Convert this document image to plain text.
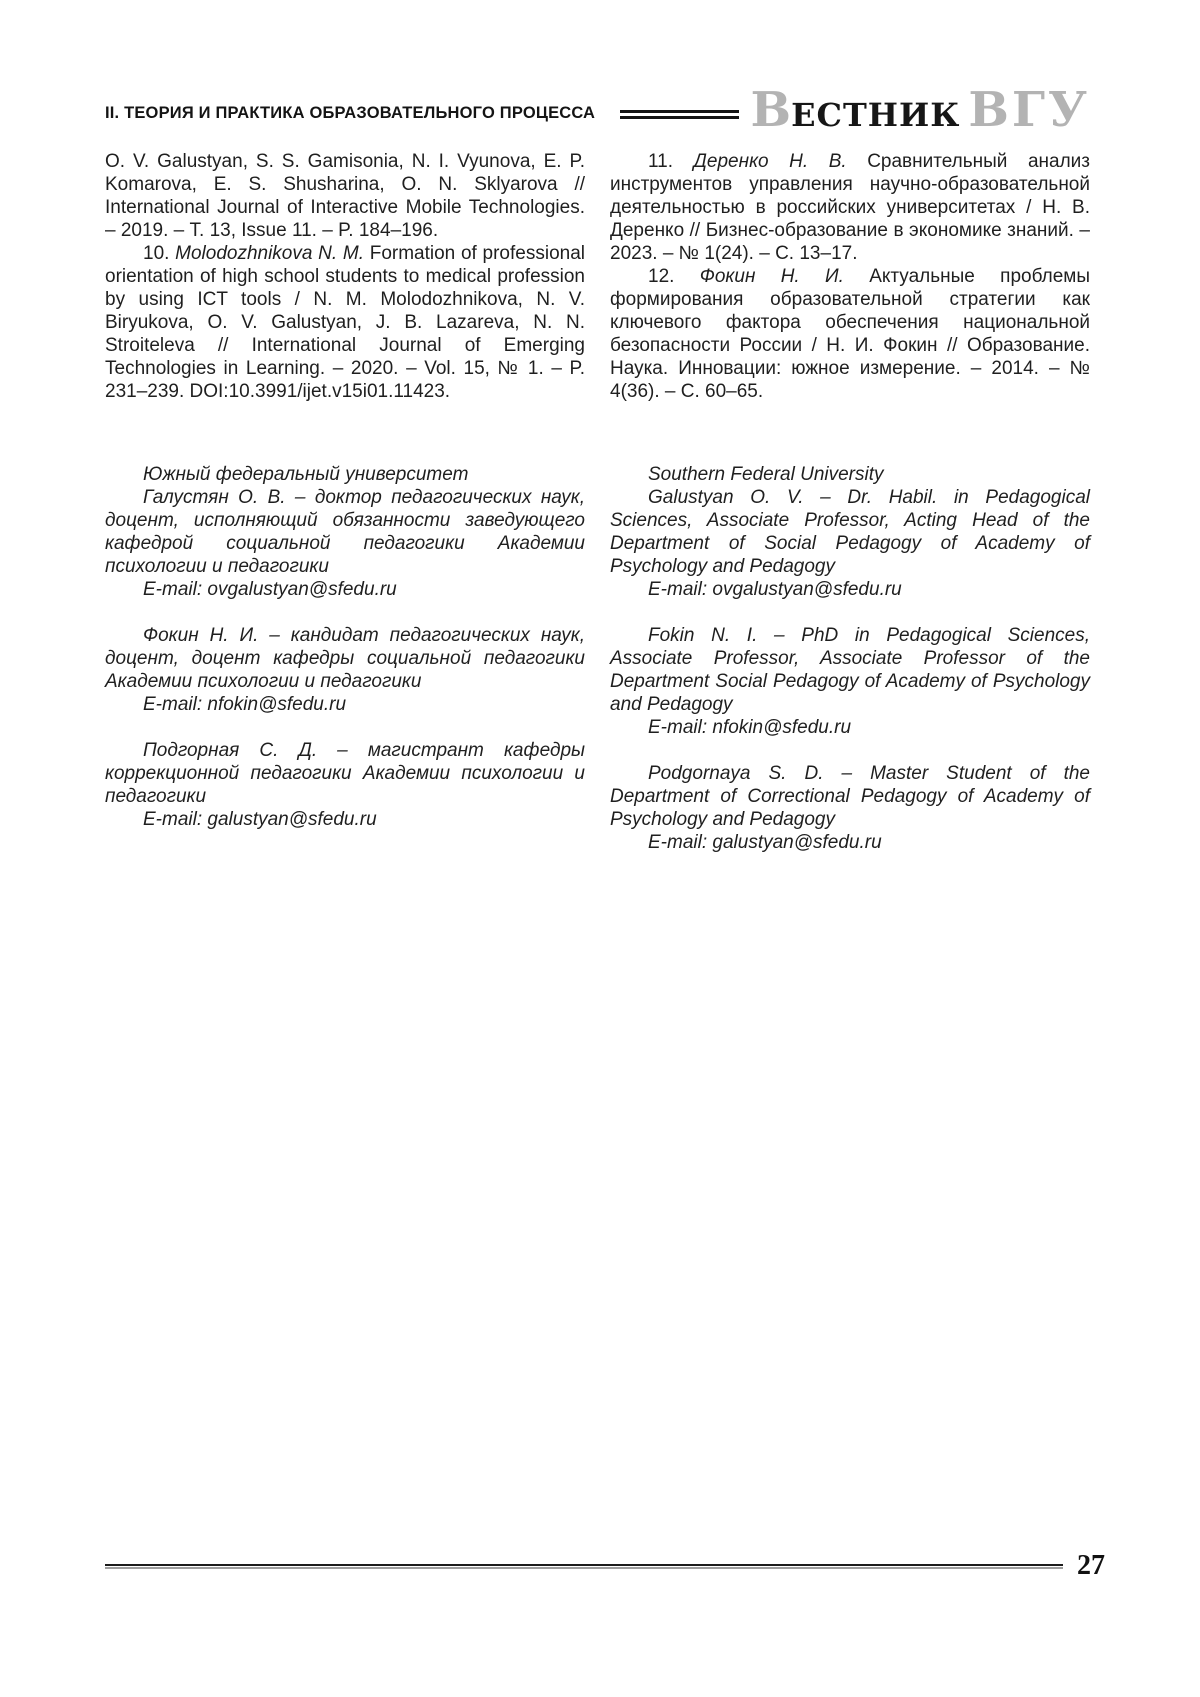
II. ТЕОРИЯ И ПРАКТИКА ОБРАЗОВАТЕЛЬНОГО ПРОЦЕССА	ВЕСТНИК ВГУ

O. V. Galustyan, S. S. Gamisonia, N. I. Vyunova, E. P. Komarova, E. S. Shusharina, O. N. Sklyarova // International Journal of Interactive Mobile Technologies. – 2019. – Т. 13, Issue 11. – P. 184–196.

10. Molodozhnikova N. M. Formation of professional orientation of high school students to medical profession by using ICT tools / N. M. Molodozhnikova, N. V. Biryukova, O. V. Galustyan, J. B. Lazareva, N. N. Stroiteleva // International Journal of Emerging Technologies in Learning. – 2020. – Vol. 15, № 1. – P. 231–239. DOI:10.3991/ijet.v15i01.11423.

Южный федеральный университет

Галустян О. В. – доктор педагогических наук, доцент, исполняющий обязанности заведующего кафедрой социальной педагогики Академии психологии и педагогики

E-mail: ovgalustyan@sfedu.ru

Фокин Н. И. – кандидат педагогических наук, доцент, доцент кафедры социальной педагогики Академии психологии и педагогики

E-mail: nfokin@sfedu.ru

Подгорная С. Д. – магистрант кафедры коррекционной педагогики Академии психологии и педагогики

E-mail: galustyan@sfedu.ru

11. Деренко Н. В. Сравнительный анализ инструментов управления научно-образовательной деятельностью в российских университетах / Н. В. Деренко // Бизнес-образование в экономике знаний. – 2023. – № 1(24). – С. 13–17.

12. Фокин Н. И. Актуальные проблемы формирования образовательной стратегии как ключевого фактора обеспечения национальной безопасности России / Н. И. Фокин // Образование. Наука. Инновации: южное измерение. – 2014. – № 4(36). – С. 60–65.

Southern Federal University

Galustyan O. V. – Dr. Habil. in Pedagogical Sciences, Associate Professor, Acting Head of the Department of Social Pedagogy of Academy of Psychology and Pedagogy

E-mail: ovgalustyan@sfedu.ru

Fokin N. I. – PhD in Pedagogical Sciences, Associate Professor, Associate Professor of the Department Social Pedagogy of Academy of Psychology and Pedagogy

E-mail: nfokin@sfedu.ru

Podgornaya S. D. – Master Student of the Department of Correctional Pedagogy of Academy of Psychology and Pedagogy

E-mail: galustyan@sfedu.ru

27
